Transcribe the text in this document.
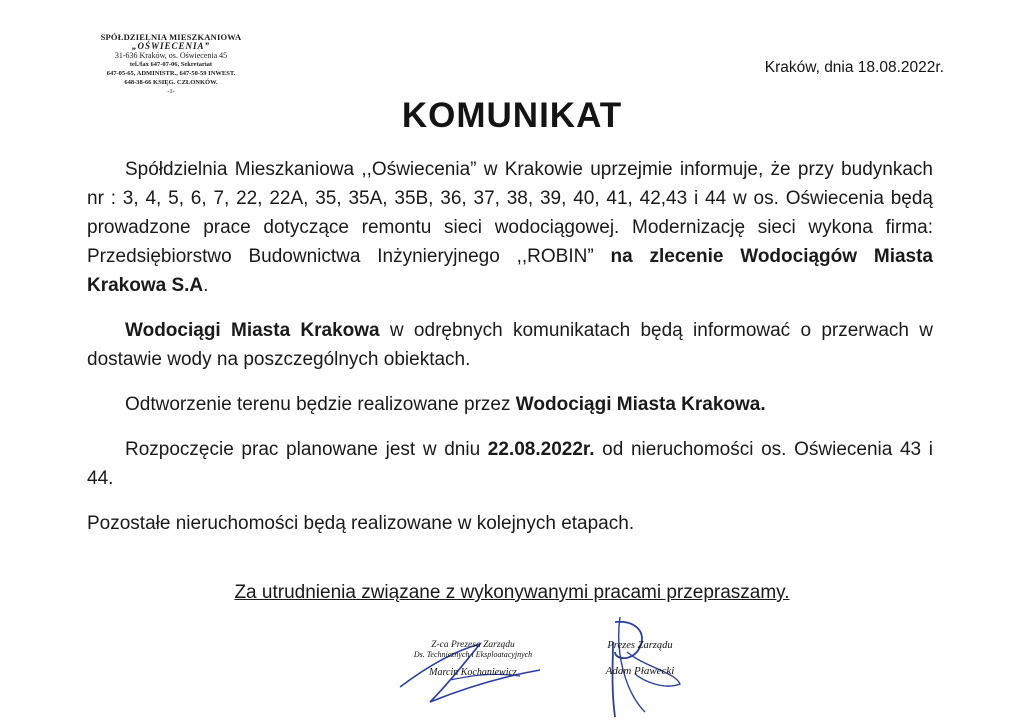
SPÓŁDZIELNIA MIESZKANIOWA
„OŚWIECENIA”
31-636 Kraków, os. Oświecenia 45
tel./fax 647-07-06, Sekretariat
647-05-65, ADMINISTR., 647-50-59 INWEST.
648-38-66 KSIĘG. CZŁONKÓW.
-1-
Kraków, dnia 18.08.2022r.
KOMUNIKAT

Spółdzielnia Mieszkaniowa ,,Oświecenia” w Krakowie uprzejmie informuje, że przy budynkach nr : 3, 4, 5, 6, 7, 22, 22A, 35, 35A, 35B, 36, 37, 38, 39, 40, 41, 42,43 i 44 w os. Oświecenia będą prowadzone prace dotyczące remontu sieci wodociągowej. Modernizację sieci wykona firma: Przedsiębiorstwo Budownictwa Inżynieryjnego ,,ROBIN” na zlecenie Wodociągów Miasta Krakowa S.A.

Wodociągi Miasta Krakowa w odrębnych komunikatach będą informować o przerwach w dostawie wody na poszczególnych obiektach.

Odtworzenie terenu będzie realizowane przez Wodociągi Miasta Krakowa.

Rozpoczęcie prac planowane jest w dniu 22.08.2022r. od nieruchomości os. Oświecenia 43 i 44.

Pozostałe nieruchomości będą realizowane w kolejnych etapach.

Za utrudnienia związane z wykonywanymi pracami przepraszamy.
Z-ca Prezesa Zarządu
Ds. Technicznych i Eksploatacyjnych
Marcin Kochaniewicz
Prezes Zarządu
Adam Pławecki
